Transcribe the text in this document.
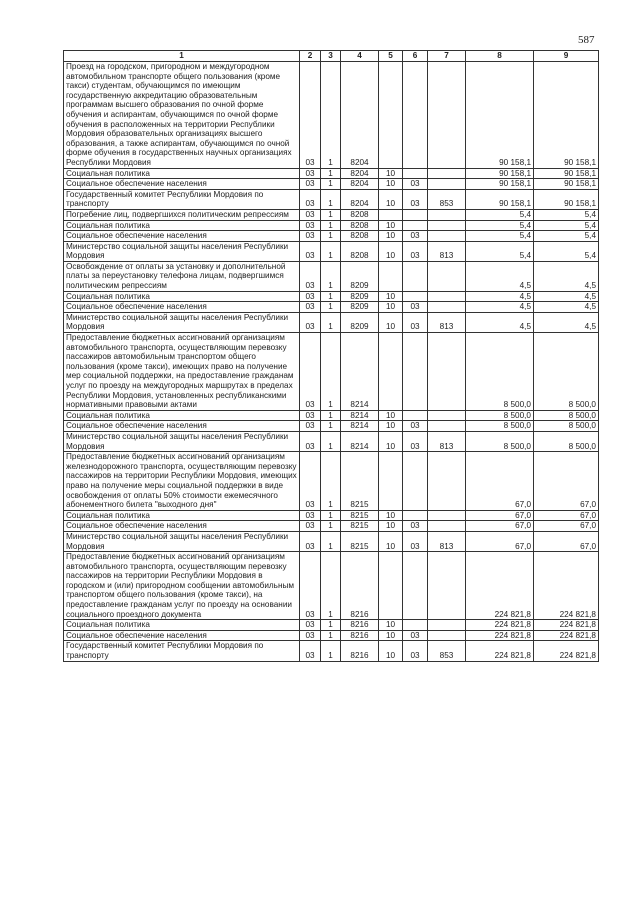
587
1	2	3	4	5	6	7	8	9
Проезд на городском, пригородном и междугородном автомобильном транспорте общего пользования (кроме такси) студентам, обучающимся по имеющим государственную аккредитацию образовательным программам высшего образования по очной форме обучения и аспирантам, обучающимся по очной форме обучения в расположенных на территории Республики Мордовия образовательных организациях высшего образования, а также аспирантам, обучающимся по очной форме обучения в государственных научных организациях Республики Мордовия	03	1	8204				90 158,1	90 158,1
Социальная политика	03	1	8204	10			90 158,1	90 158,1
Социальное обеспечение населения	03	1	8204	10	03		90 158,1	90 158,1
Государственный комитет Республики Мордовия по транспорту	03	1	8204	10	03	853	90 158,1	90 158,1
Погребение лиц, подвергшихся политическим репрессиям	03	1	8208				5,4	5,4
Социальная политика	03	1	8208	10			5,4	5,4
Социальное обеспечение населения	03	1	8208	10	03		5,4	5,4
Министерство социальной защиты населения Республики Мордовия	03	1	8208	10	03	813	5,4	5,4
Освобождение от оплаты за установку и дополнительной платы за переустановку телефона лицам, подвергшимся политическим репрессиям	03	1	8209				4,5	4,5
Социальная политика	03	1	8209	10			4,5	4,5
Социальное обеспечение населения	03	1	8209	10	03		4,5	4,5
Министерство социальной защиты населения Республики Мордовия	03	1	8209	10	03	813	4,5	4,5
Предоставление бюджетных ассигнований организациям автомобильного транспорта, осуществляющим перевозку пассажиров автомобильным транспортом общего пользования (кроме такси), имеющих право на получение мер социальной поддержки, на предоставление гражданам услуг по проезду на междугородных маршрутах в пределах Республики Мордовия, установленных республиканскими нормативными правовыми актами	03	1	8214				8 500,0	8 500,0
Социальная политика	03	1	8214	10			8 500,0	8 500,0
Социальное обеспечение населения	03	1	8214	10	03		8 500,0	8 500,0
Министерство социальной защиты населения Республики Мордовия	03	1	8214	10	03	813	8 500,0	8 500,0
Предоставление бюджетных ассигнований организациям железнодорожного транспорта, осуществляющим перевозку пассажиров на территории Республики Мордовия, имеющих право на получение меры социальной поддержки в виде освобождения от оплаты 50% стоимости ежемесячного абонементного билета "выходного дня"	03	1	8215				67,0	67,0
Социальная политика	03	1	8215	10			67,0	67,0
Социальное обеспечение населения	03	1	8215	10	03		67,0	67,0
Министерство социальной защиты населения Республики Мордовия	03	1	8215	10	03	813	67,0	67,0
Предоставление бюджетных ассигнований организациям автомобильного транспорта, осуществляющим перевозку пассажиров на территории Республики Мордовия в городском и (или) пригородном сообщении автомобильным транспортом общего пользования (кроме такси), на предоставление гражданам услуг по проезду на основании социального проездного документа	03	1	8216				224 821,8	224 821,8
Социальная политика	03	1	8216	10			224 821,8	224 821,8
Социальное обеспечение населения	03	1	8216	10	03		224 821,8	224 821,8
Государственный комитет Республики Мордовия по транспорту	03	1	8216	10	03	853	224 821,8	224 821,8
